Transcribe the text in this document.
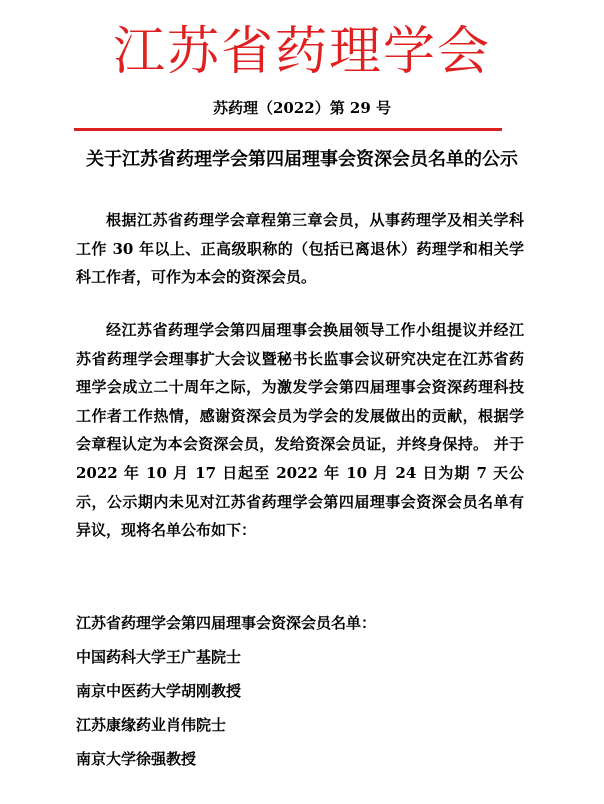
江苏省药理学会
苏药理（2022）第 29 号
关于江苏省药理学会第四届理事会资深会员名单的公示
根据江苏省药理学会章程第三章会员，从事药理学及相关学科工作 30 年以上、正高级职称的（包括已离退休）药理学和相关学科工作者，可作为本会的资深会员。
经江苏省药理学会第四届理事会换届领导工作小组提议并经江苏省药理学会理事扩大会议暨秘书长监事会议研究决定在江苏省药理学会成立二十周年之际，为激发学会第四届理事会资深药理科技工作者工作热情，感谢资深会员为学会的发展做出的贡献，根据学会章程认定为本会资深会员，发给资深会员证，并终身保持。 并于 2022 年 10 月 17 日起至 2022 年 10 月 24 日为期 7 天公示，公示期内未见对江苏省药理学会第四届理事会资深会员名单有异议，现将名单公布如下：
江苏省药理学会第四届理事会资深会员名单：
中国药科大学王广基院士
南京中医药大学胡刚教授
江苏康缘药业肖伟院士
南京大学徐强教授
